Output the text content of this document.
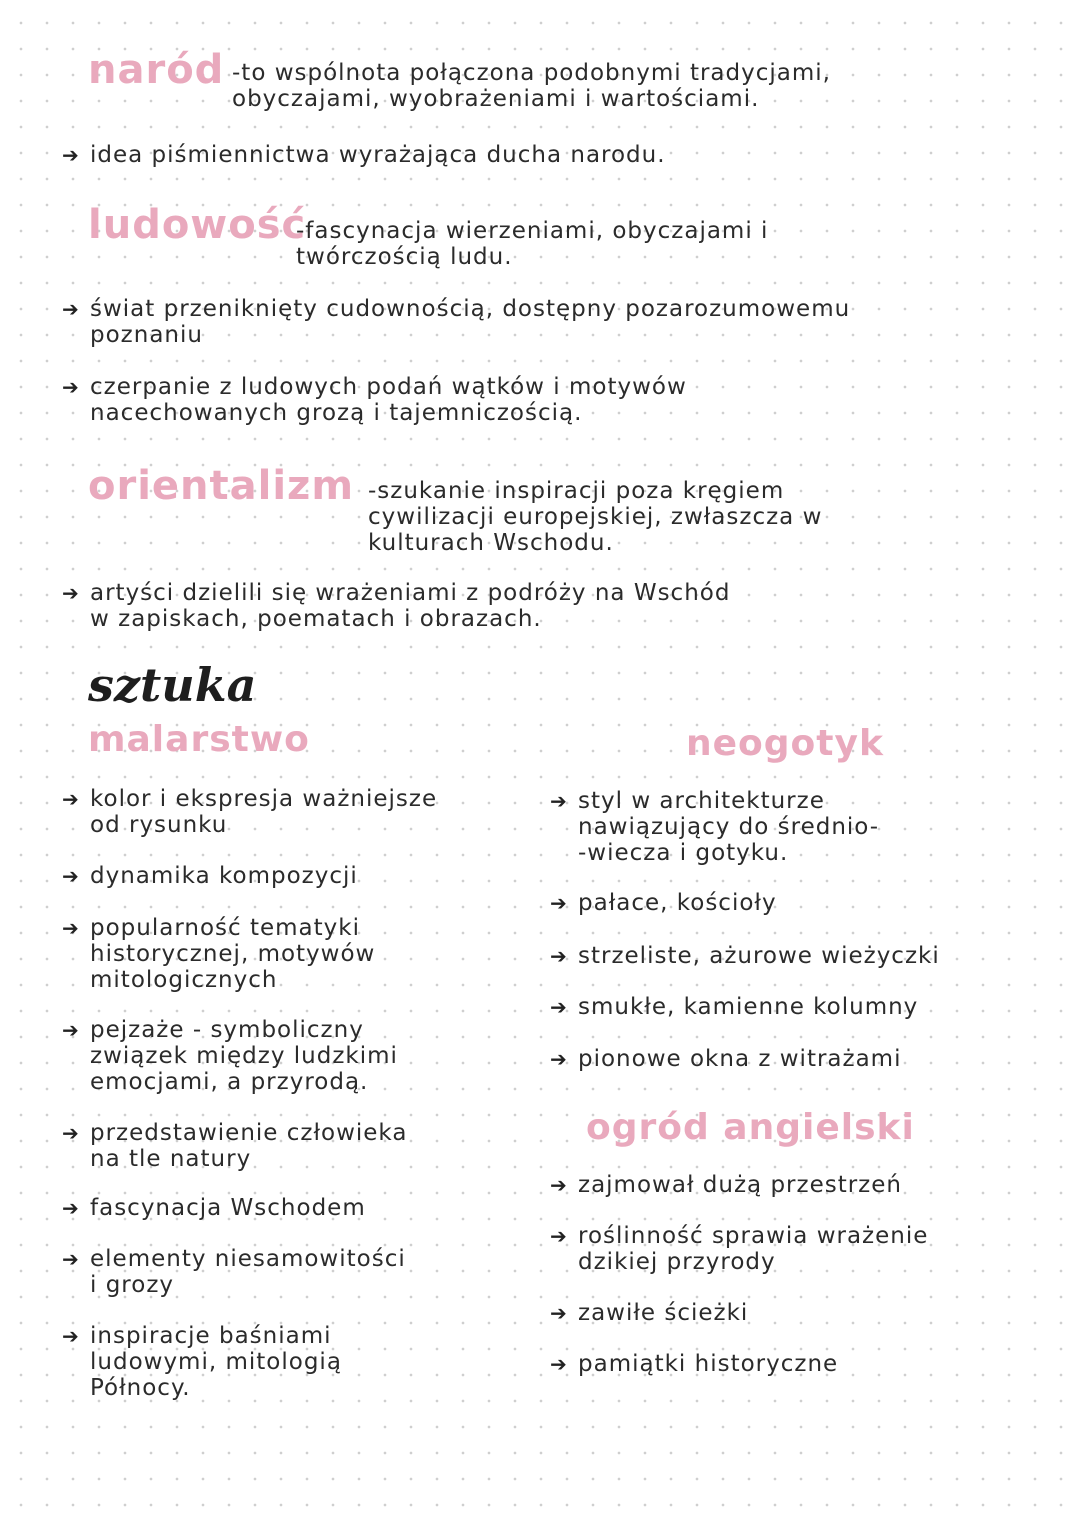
naród -to wspólnota połączona podobnymi tradycjami,
obyczajami, wyobrażeniami i wartościami.
➔ idea piśmiennictwa wyrażająca ducha narodu.
ludowość
-fascynacja wierzeniami, obyczajami i
twórczością ludu.
➔ świat przeniknięty cudownością, dostępny pozarozumowemu
poznaniu
➔ czerpanie z ludowych podań wątków i motywów
nacechowanych grozą i tajemniczością.
orientalizm -szukanie inspiracji poza kręgiem
cywilizacji europejskiej, zwłaszcza w
kulturach Wschodu.
➔ artyści dzielili się wrażeniami z podróży na Wschód
w zapiskach, poematach i obrazach.
sztuka
malarstwo
➔ kolor i ekspresja ważniejsze
od rysunku
➔ dynamika kompozycji
➔ popularność tematyki
historycznej, motywów
mitologicznych
➔ pejzaże - symboliczny
związek między ludzkimi
emocjami, a przyrodą.
➔ przedstawienie człowieka
na tle natury
➔ fascynacja Wschodem
➔ elementy niesamowitości
i grozy
➔ inspiracje baśniami
ludowymi, mitologią
Północy.
neogotyk
➔ styl w architekturze
nawiązujący do średnio-
-wiecza i gotyku.
➔ pałace, kościoły
➔ strzeliste, ażurowe wieżyczki
➔ smukłe, kamienne kolumny
➔ pionowe okna z witrażami
ogród angielski
➔ zajmował dużą przestrzeń
➔ roślinność sprawia wrażenie
dzikiej przyrody
➔ zawiłe ścieżki
➔ pamiątki historyczne
